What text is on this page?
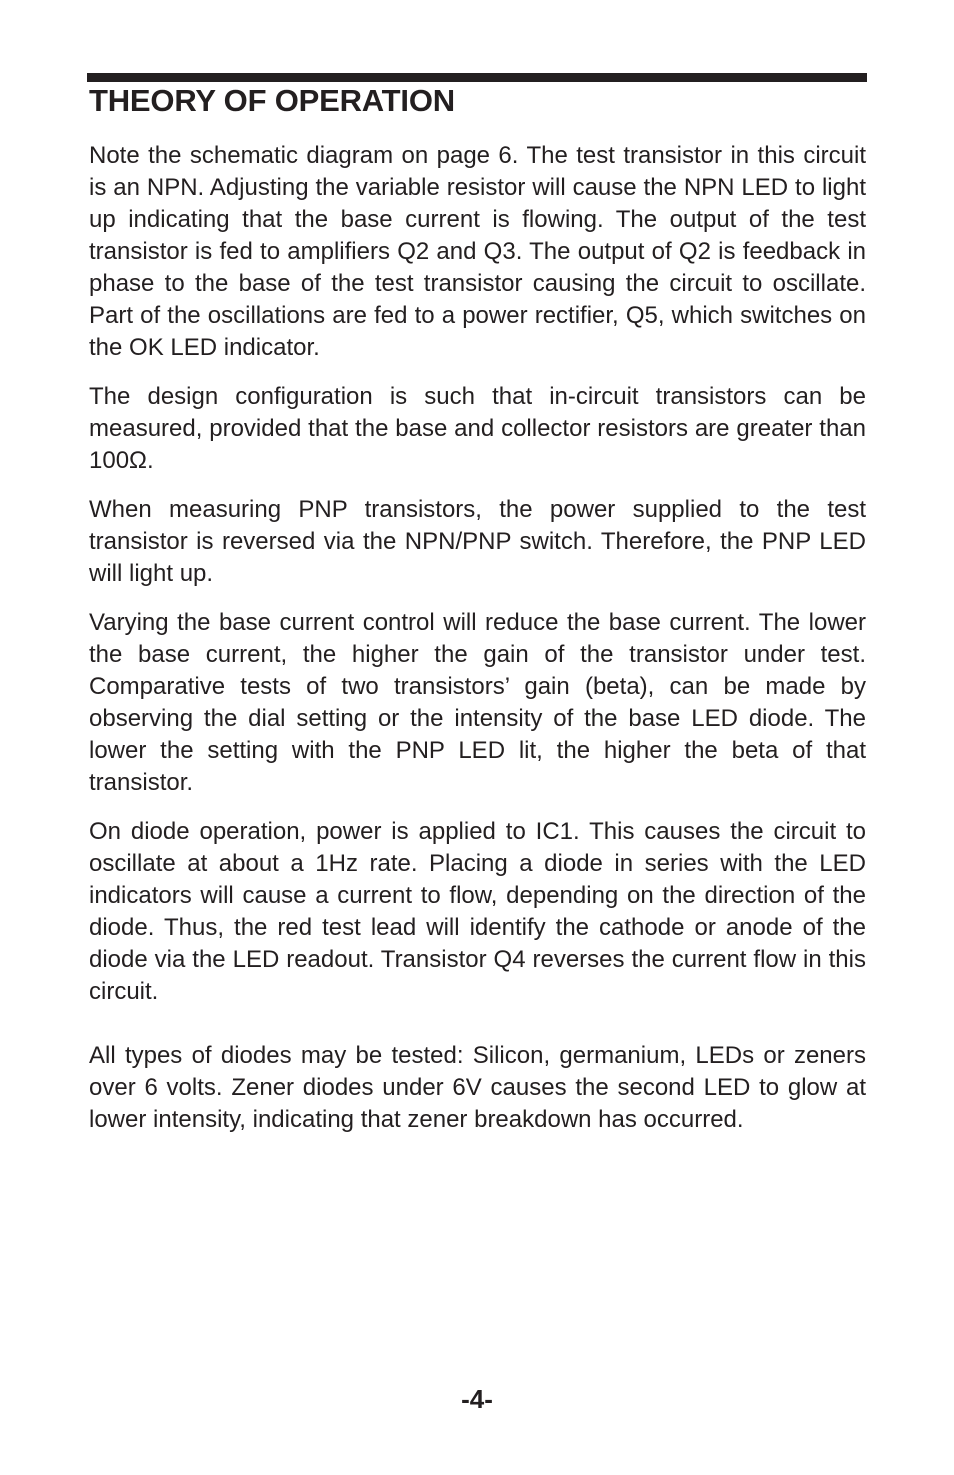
THEORY OF OPERATION

Note the schematic diagram on page 6. The test transistor in this circuit is an NPN. Adjusting the variable resistor will cause the NPN LED to light up indicating that the base current is flowing. The output of the test transistor is fed to amplifiers Q2 and Q3. The output of Q2 is feedback in phase to the base of the test transistor causing the circuit to oscillate. Part of the oscillations are fed to a power rectifier, Q5, which switches on the OK LED indicator.

The design configuration is such that in-circuit transistors can be measured, provided that the base and collector resistors are greater than 100Ω.

When measuring PNP transistors, the power supplied to the test transistor is reversed via the NPN/PNP switch. Therefore, the PNP LED will light up.

Varying the base current control will reduce the base current. The lower the base current, the higher the gain of the transistor under test. Comparative tests of two transistors’ gain (beta), can be made by observing the dial setting or the intensity of the base LED diode. The lower the setting with the PNP LED lit, the higher the beta of that transistor.

On diode operation, power is applied to IC1. This causes the circuit to oscillate at about a 1Hz rate. Placing a diode in series with the LED indicators will cause a current to flow, depending on the direction of the diode. Thus, the red test lead will identify the cathode or anode of the diode via the LED readout. Transistor Q4 reverses the current flow in this circuit.

All types of diodes may be tested: Silicon, germanium, LEDs or zeners over 6 volts. Zener diodes under 6V causes the second LED to glow at lower intensity, indicating that zener breakdown has occurred.

-4-
